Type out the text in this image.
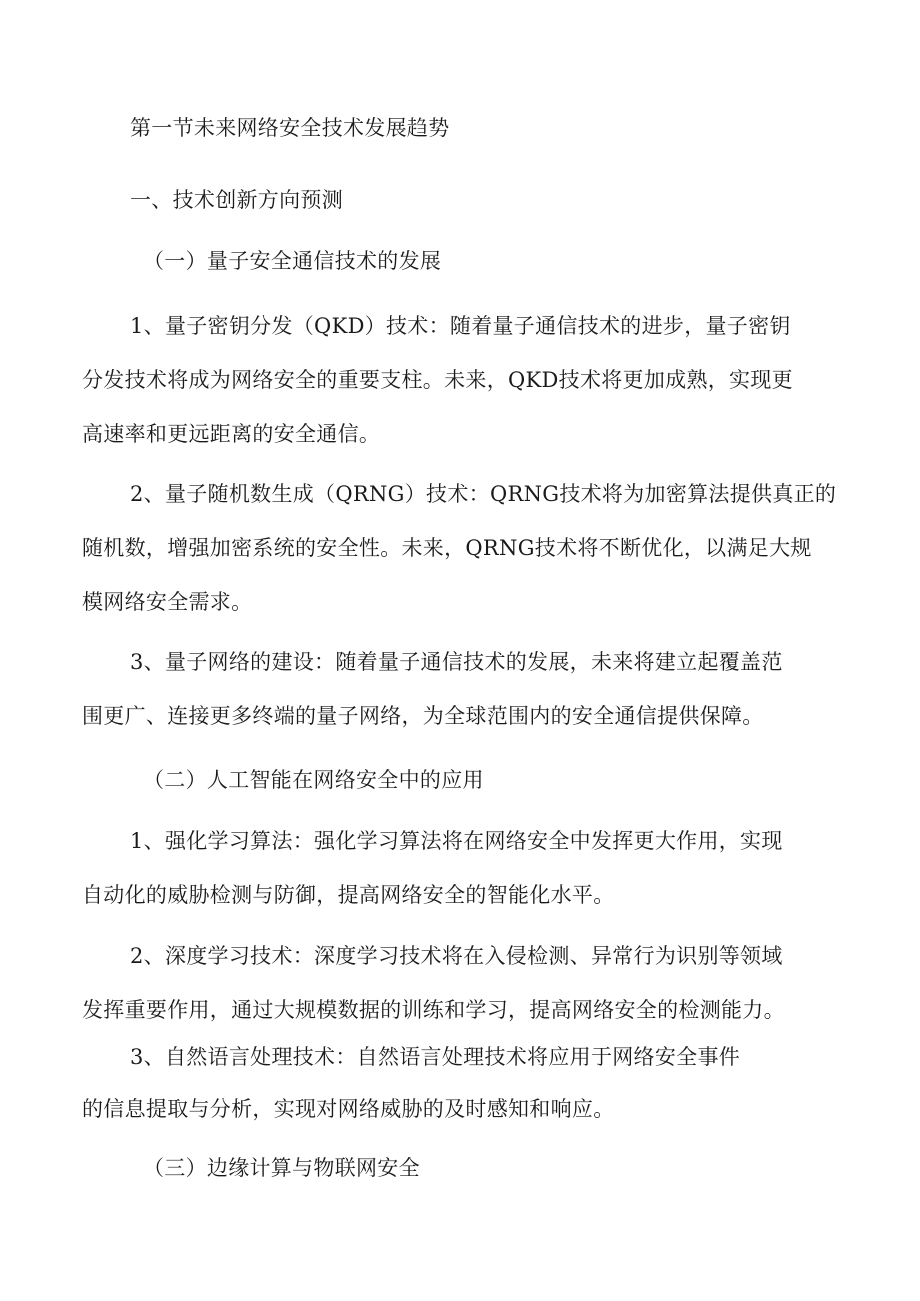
第一节未来网络安全技术发展趋势
一、技术创新方向预测
（一）量子安全通信技术的发展
1、量子密钥分发（QKD）技术：随着量子通信技术的进步，量子密钥
分发技术将成为网络安全的重要支柱。未来，QKD技术将更加成熟，实现更
高速率和更远距离的安全通信。
2、量子随机数生成（QRNG）技术：QRNG技术将为加密算法提供真正的
随机数，增强加密系统的安全性。未来，QRNG技术将不断优化，以满足大规
模网络安全需求。
3、量子网络的建设：随着量子通信技术的发展，未来将建立起覆盖范
围更广、连接更多终端的量子网络，为全球范围内的安全通信提供保障。
（二）人工智能在网络安全中的应用
1、强化学习算法：强化学习算法将在网络安全中发挥更大作用，实现
自动化的威胁检测与防御，提高网络安全的智能化水平。
2、深度学习技术：深度学习技术将在入侵检测、异常行为识别等领域
发挥重要作用，通过大规模数据的训练和学习，提高网络安全的检测能力。
3、自然语言处理技术：自然语言处理技术将应用于网络安全事件
的信息提取与分析，实现对网络威胁的及时感知和响应。
（三）边缘计算与物联网安全
